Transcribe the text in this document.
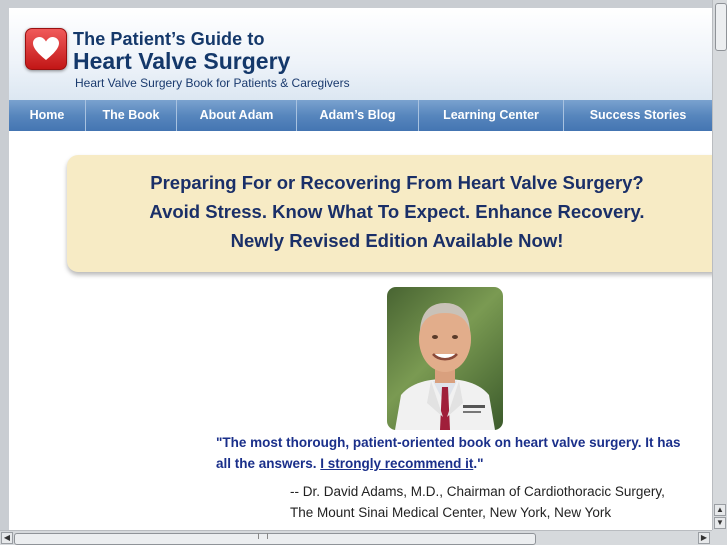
The Patient’s Guide to
Heart Valve Surgery
Heart Valve Surgery Book for Patients & Caregivers
Home	The Book	About Adam	Adam’s Blog	Learning Center	Success Stories
Preparing For or Recovering From Heart Valve Surgery?
Avoid Stress. Know What To Expect. Enhance Recovery.
Newly Revised Edition Available Now!
"The most thorough, patient-oriented book on heart valve surgery. It has all the answers. I strongly recommend it."
-- Dr. David Adams, M.D., Chairman of Cardiothoracic Surgery,
The Mount Sinai Medical Center, New York, New York	▲
▼
◀	▶
